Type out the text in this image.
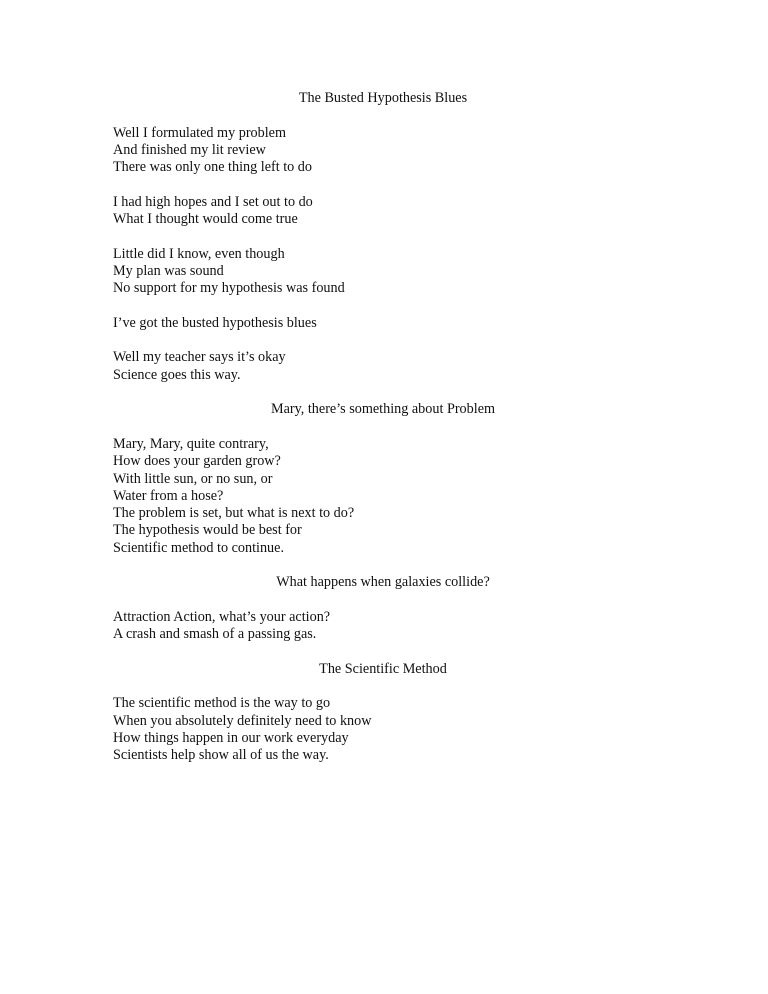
The Busted Hypothesis Blues
Well I formulated my problem
And finished my lit review
There was only one thing left to do
I had high hopes and I set out to do
What I thought would come true
Little did I know, even though
My plan was sound
No support for my hypothesis was found
I’ve got the busted hypothesis blues
Well my teacher says it’s okay
Science goes this way.
Mary, there’s something about Problem
Mary, Mary, quite contrary,
How does your garden grow?
With little sun, or no sun, or
Water from a hose?
The problem is set, but what is next to do?
The hypothesis would be best for
Scientific method to continue.
What happens when galaxies collide?
Attraction Action, what’s your action?
A crash and smash of a passing gas.
The Scientific Method
The scientific method is the way to go
When you absolutely definitely need to know
How things happen in our work everyday
Scientists help show all of us the way.
